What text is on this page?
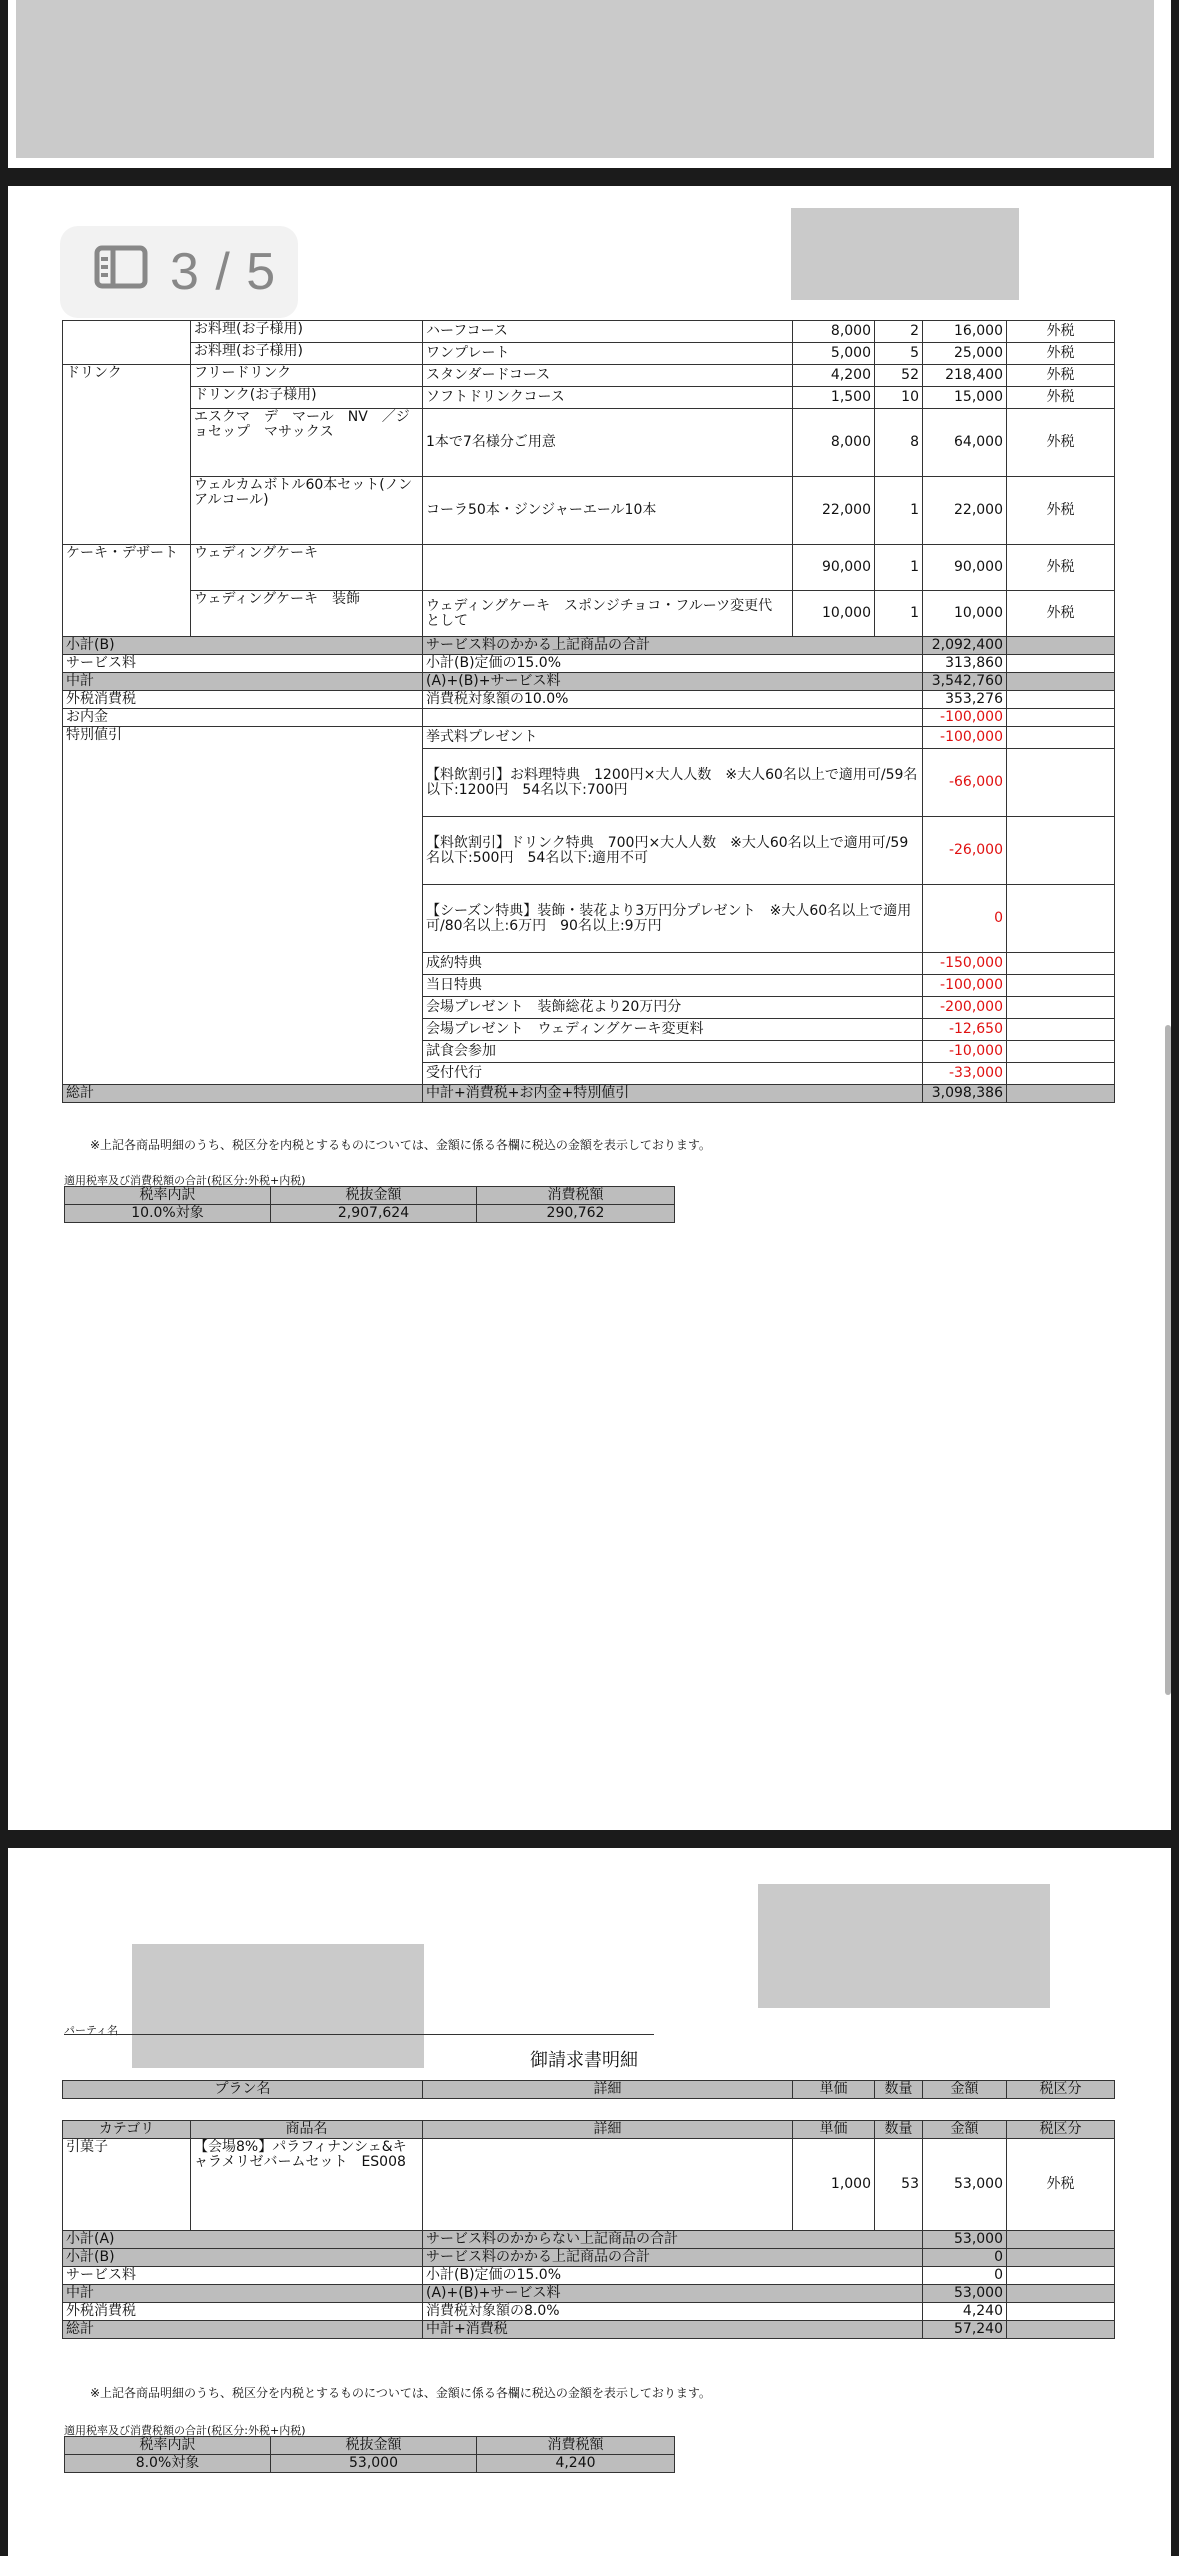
	お料理(お子様用)	ハーフコース	8,000	2	16,000	外税
	お料理(お子様用)	ワンプレート	5,000	5	25,000	外税
ドリンク	フリードリンク	スタンダードコース	4,200	52	218,400	外税
	ドリンク(お子様用)	ソフトドリンクコース	1,500	10	15,000	外税
	エスクマ　デ　マール　NV　／ジョセップ　マサックス	1本で7名様分ご用意	8,000	8	64,000	外税
	ウェルカムボトル60本セット(ノンアルコール)	コーラ50本・ジンジャーエール10本	22,000	1	22,000	外税
ケーキ・デザート	ウェディングケーキ		90,000	1	90,000	外税
	ウェディングケーキ　装飾	ウェディングケーキ　スポンジチョコ・フルーツ変更代　として	10,000	1	10,000	外税
小計(B)		サービス料のかかる上記商品の合計			2,092,400	
サービス料		小計(B)定価の15.0%			313,860	
中計		(A)+(B)+サービス料			3,542,760	
外税消費税		消費税対象額の10.0%			353,276	
お内金					-100,000	
特別値引		挙式料プレゼント			-100,000	
		【料飲割引】お料理特典　1200円×大人人数　※大人60名以上で適用可/59名以下:1200円　54名以下:700円			-66,000	
		【料飲割引】ドリンク特典　700円×大人人数　※大人60名以上で適用可/59名以下:500円　54名以下:適用不可			-26,000	
		【シーズン特典】装飾・装花より3万円分プレゼント　※大人60名以上で適用可/80名以上:6万円　90名以上:9万円			0	
		成約特典			-150,000	
		当日特典			-100,000	
		会場プレゼント　装飾総花より20万円分			-200,000	
		会場プレゼント　ウェディングケーキ変更料			-12,650	
		試食会参加			-10,000	
		受付代行			-33,000	
総計		中計+消費税+お内金+特別値引			3,098,386	
※上記各商品明細のうち、税区分を内税とするものについては、金額に係る各欄に税込の金額を表示しております。
適用税率及び消費税額の合計(税区分:外税+内税)
税率内訳	税抜金額	消費税額
10.0%対象	2,907,624	290,762
パーティ名
御請求書明細
プラン名	詳細	単価	数量	金額	税区分
カテゴリ	商品名	詳細	単価	数量	金額	税区分
引菓子	【会場8%】パラフィナンシェ&キャラメリゼバームセット　ES008		1,000	53	53,000	外税
小計(A)		サービス料のかからない上記商品の合計			53,000	
小計(B)		サービス料のかかる上記商品の合計			0	
サービス料		小計(B)定価の15.0%			0	
中計		(A)+(B)+サービス料			53,000	
外税消費税		消費税対象額の8.0%			4,240	
総計		中計+消費税			57,240	
※上記各商品明細のうち、税区分を内税とするものについては、金額に係る各欄に税込の金額を表示しております。
適用税率及び消費税額の合計(税区分:外税+内税)
税率内訳	税抜金額	消費税額
8.0%対象	53,000	4,240
3 / 5
